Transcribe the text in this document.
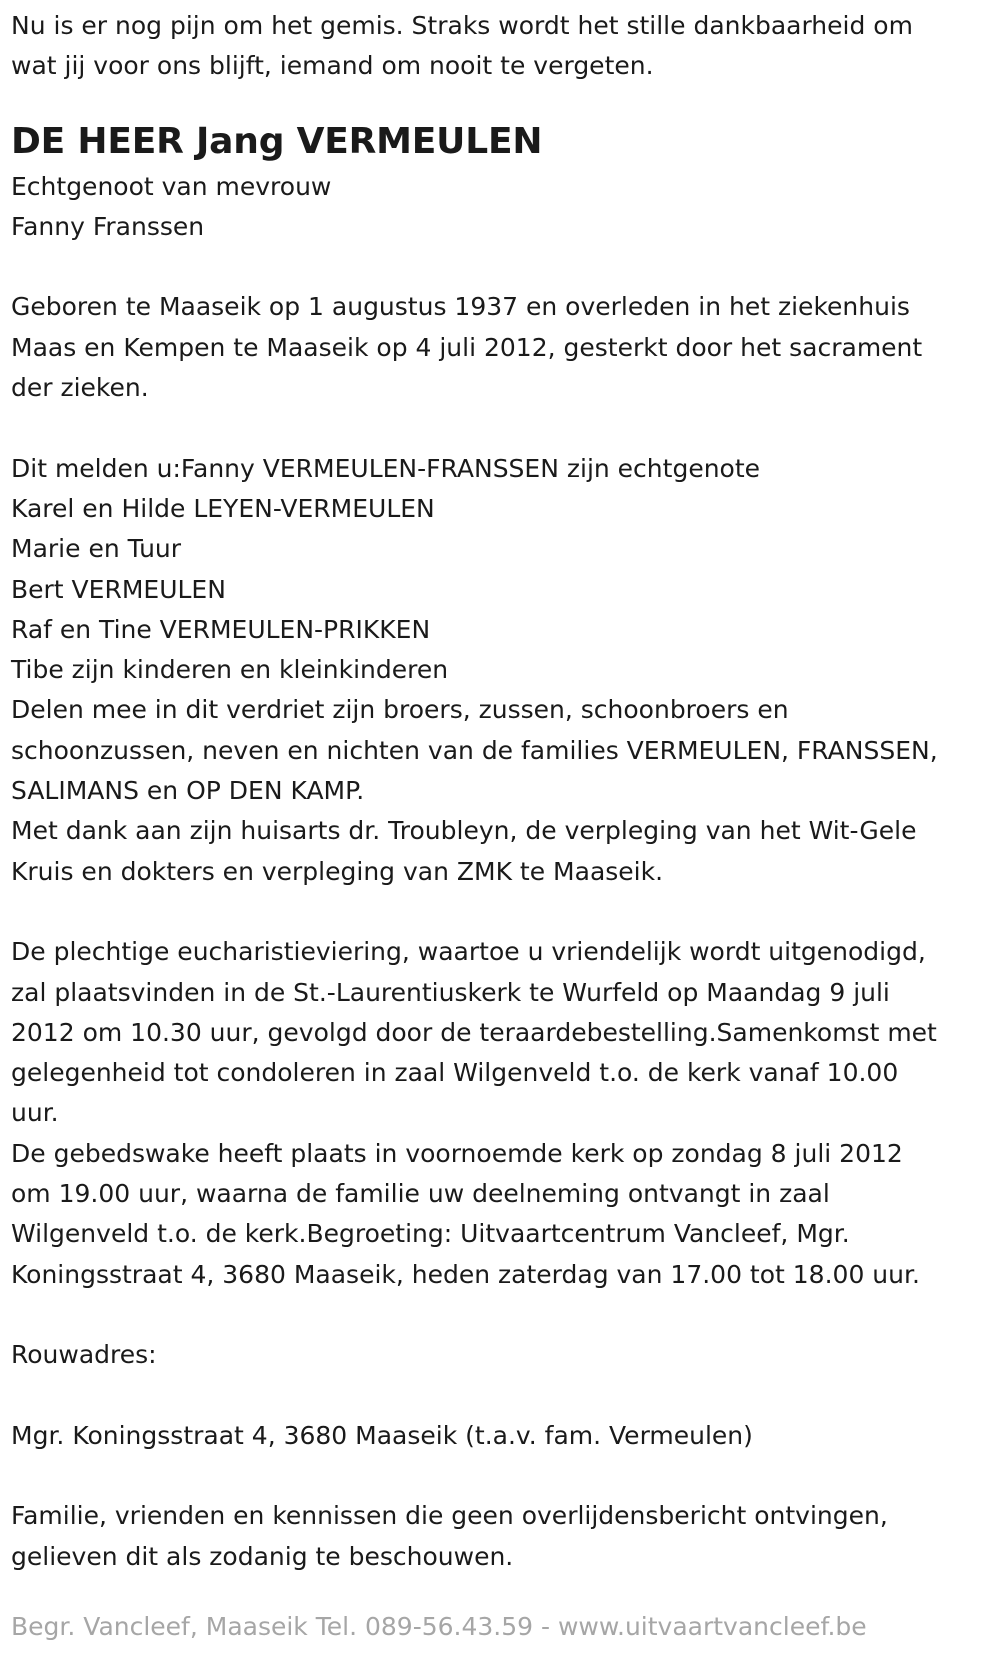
Nu is er nog pijn om het gemis. Straks wordt het stille dankbaarheid om

wat jij voor ons blijft, iemand om nooit te vergeten.

DE HEER Jang VERMEULEN

Echtgenoot van mevrouw

Fanny Franssen

Geboren te Maaseik op 1 augustus 1937 en overleden in het ziekenhuis

Maas en Kempen te Maaseik op 4 juli 2012, gesterkt door het sacrament

der zieken.

Dit melden u:Fanny VERMEULEN-FRANSSEN zijn echtgenote

Karel en Hilde LEYEN-VERMEULEN

Marie en Tuur

Bert VERMEULEN

Raf en Tine VERMEULEN-PRIKKEN

Tibe zijn kinderen en kleinkinderen

Delen mee in dit verdriet zijn broers, zussen, schoonbroers en

schoonzussen, neven en nichten van de families VERMEULEN, FRANSSEN,

SALIMANS en OP DEN KAMP.

Met dank aan zijn huisarts dr. Troubleyn, de verpleging van het Wit-Gele

Kruis en dokters en verpleging van ZMK te Maaseik.

De plechtige eucharistieviering, waartoe u vriendelijk wordt uitgenodigd,

zal plaatsvinden in de St.-Laurentiuskerk te Wurfeld op Maandag 9 juli

2012 om 10.30 uur, gevolgd door de teraardebestelling.Samenkomst met

gelegenheid tot condoleren in zaal Wilgenveld t.o. de kerk vanaf 10.00

uur.

De gebedswake heeft plaats in voornoemde kerk op zondag 8 juli 2012

om 19.00 uur, waarna de familie uw deelneming ontvangt in zaal

Wilgenveld t.o. de kerk.Begroeting: Uitvaartcentrum Vancleef, Mgr.

Koningsstraat 4, 3680 Maaseik, heden zaterdag van 17.00 tot 18.00 uur.

Rouwadres:

Mgr. Koningsstraat 4, 3680 Maaseik (t.a.v. fam. Vermeulen)

Familie, vrienden en kennissen die geen overlijdensbericht ontvingen,

gelieven dit als zodanig te beschouwen.

Begr. Vancleef, Maaseik Tel. 089-56.43.59 - www.uitvaartvancleef.be
